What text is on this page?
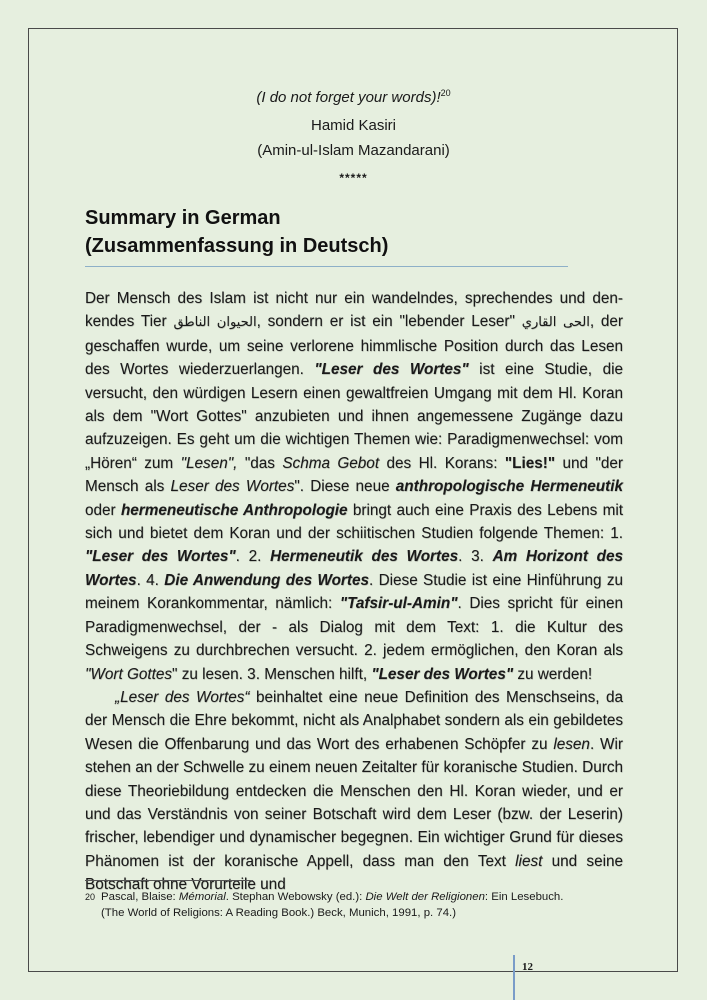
(I do not forget your words)!$^{20}$
Hamid Kasiri
(Amin-ul-Islam Mazandarani)
*****
Summary in German
(Zusammenfassung in Deutsch)

Der Mensch des Islam ist nicht nur ein wandelndes, sprechendes und denkendes Tier الحيوان الناطق, sondern er ist ein "lebender Leser" الحی القاري, der geschaffen wurde, um seine verlorene himmlische Position durch das Lesen des Wortes wiederzuerlangen. "Leser des Wortes" ist eine Studie, die versucht, den würdigen Lesern einen gewaltfreien Umgang mit dem Hl. Koran als dem "Wort Gottes" anzubieten und ihnen angemessene Zugänge dazu aufzuzeigen. Es geht um die wichtigen Themen wie: Paradigmenwechsel: vom „Hören“ zum "Lesen", "das Schma Gebot des Hl. Korans: "Lies!" und "der Mensch als Leser des Wortes". Diese neue anthropologische Hermeneutik oder hermeneutische Anthropologie bringt auch eine Praxis des Lebens mit sich und bietet dem Koran und der schiitischen Studien folgende Themen: 1. "Leser des Wortes". 2. Hermeneutik des Wortes. 3. Am Horizont des Wortes. 4. Die Anwendung des Wortes. Diese Studie ist eine Hinführung zu meinem Korankommentar, nämlich: "Tafsir-ul-Amin". Dies spricht für einen Paradigmenwechsel, der - als Dialog mit dem Text: 1. die Kultur des Schweigens zu durchbrechen versucht. 2. jedem ermöglichen, den Koran als "Wort Gottes" zu lesen. 3. Menschen hilft, "Leser des Wortes" zu werden!

„Leser des Wortes“ beinhaltet eine neue Definition des Menschseins, da der Mensch die Ehre bekommt, nicht als Analphabet sondern als ein gebildetes Wesen die Offenbarung und das Wort des erhabenen Schöpfer zu lesen. Wir stehen an der Schwelle zu einem neuen Zeitalter für koranische Studien. Durch diese Theoriebildung entdecken die Menschen den Hl. Koran wieder, und er und das Verständnis von seiner Botschaft wird dem Leser (bzw. der Leserin) frischer, lebendiger und dynamischer begegnen. Ein wichtiger Grund für dieses Phänomen ist der koranische Appell, dass man den Text liest und seine Botschaft ohne Vorurteile und

$^{20}$ Pascal, Blaise: Mémorial. Stephan Webowsky (ed.): Die Welt der Religionen: Ein Lesebuch.
(The World of Religions: A Reading Book.) Beck, Munich, 1991, p. 74.)
12
